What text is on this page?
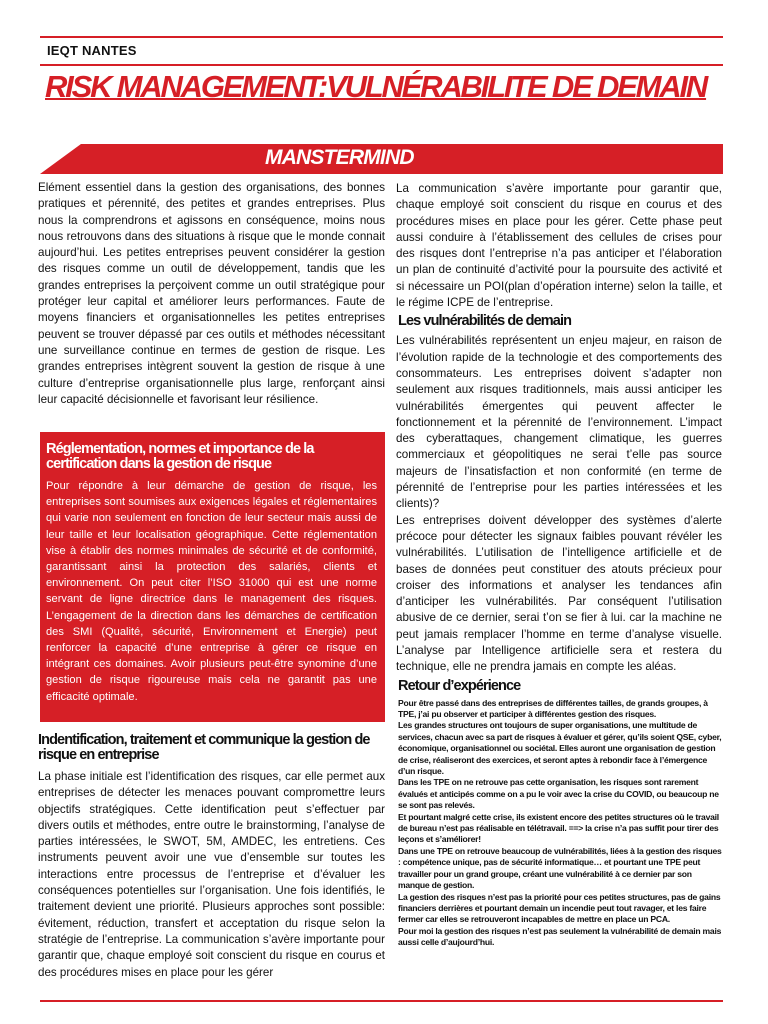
IEQT NANTES
RISK MANAGEMENT:VULNÉRABILITE DE DEMAIN
MANSTERMIND

Elément essentiel dans la gestion des organisations, des bonnes pratiques et pérennité, des petites et grandes entreprises. Plus nous la comprendrons et agissons en conséquence, moins nous nous retrouvons dans des situations à risque que le monde connait aujourd’hui. Les petites entreprises peuvent considérer la gestion des risques comme un outil de développement, tandis que les grandes entreprises la perçoivent comme un outil stratégique pour protéger leur capital et améliorer leurs performances. Faute de moyens financiers et organisationnelles les petites entreprises peuvent se trouver dépassé par ces outils et méthodes nécessitant une surveillance continue en termes de gestion de risque. Les grandes entreprises intègrent souvent la gestion de risque à une culture d’entreprise organisationnelle plus large, renforçant ainsi leur capacité décisionnelle et favorisant leur résilience.

Réglementation, normes et importance de la certification dans la gestion de risque

Pour répondre à leur démarche de gestion de risque, les entreprises sont soumises aux exigences légales et réglementaires qui varie non seulement en fonction de leur secteur mais aussi de leur taille et leur localisation géographique. Cette réglementation vise à établir des normes minimales de sécurité et de conformité, garantissant ainsi la protection des salariés, clients et environnement. On peut citer l’ISO 31000 qui est une norme servant de ligne directrice dans le management des risques. L’engagement de la direction dans les démarches de certification des SMI (Qualité, sécurité, Environnement et Energie) peut renforcer la capacité d’une entreprise à gérer ce risque en intégrant ces domaines. Avoir plusieurs peut-être synomine d’une gestion de risque rigoureuse mais cela ne garantit pas une efficacité optimale.

Indentification, traitement et communique la gestion de risque en entreprise

La phase initiale est l’identification des risques, car elle permet aux entreprises de détecter les menaces pouvant compromettre leurs objectifs stratégiques. Cette identification peut s’effectuer par divers outils et méthodes, entre outre le brainstorming, l’analyse de parties intéressées, le SWOT, 5M, AMDEC, les entretiens. Ces instruments peuvent avoir une vue d’ensemble sur toutes les interactions entre processus de l’entreprise et d’évaluer les conséquences potentielles sur l’organisation. Une fois identifiés, le traitement devient une priorité. Plusieurs approches sont possible: évitement, réduction, transfert et acceptation du risque selon la stratégie de l’entreprise. La communication s’avère importante pour garantir que, chaque employé soit conscient du risque en courus et des procédures mises en place pour les gérer

La communication s’avère importante pour garantir que, chaque employé soit conscient du risque en courus et des procédures mises en place pour les gérer. Cette phase peut aussi conduire à l’établissement des cellules de crises pour des risques dont l’entreprise n’a pas anticiper et l’élaboration un plan de continuité d’activité pour la poursuite des activité et si nécessaire un POI(plan d’opération interne) selon la taille, et le régime ICPE de l’entreprise.

Les vulnérabilités de demain

Les vulnérabilités représentent un enjeu majeur, en raison de l’évolution rapide de la technologie et des comportements des consommateurs. Les entreprises doivent s’adapter non seulement aux risques traditionnels, mais aussi anticiper les vulnérabilités émergentes qui peuvent affecter le fonctionnement et la pérennité de l’environnement. L’impact des cyberattaques, changement climatique, les guerres commerciaux et géopolitiques ne serai t’elle pas source majeurs de l’insatisfaction et non conformité (en terme de pérennité de l’entreprise pour les parties intéressées et les clients)?

Les entreprises doivent développer des systèmes d’alerte précoce pour détecter les signaux faibles pouvant révéler les vulnérabilités. L’utilisation de l’intelligence artificielle et de bases de données peut constituer des atouts précieux pour croiser des informations et analyser les tendances afin d’anticiper les vulnérabilités. Par conséquent l’utilisation abusive de ce dernier, serai t’on se fier à lui. car la machine ne peut jamais remplacer l’homme en terme d’analyse visuelle. L’analyse par Intelligence artificielle sera et restera du technique, elle ne prendra jamais en compte les aléas.

Retour d’expérience

Pour être passé dans des entreprises de différentes tailles, de grands groupes, à TPE, j’ai pu observer et participer à différentes gestion des risques.

Les grandes structures ont toujours de super organisations, une multitude de services, chacun avec sa part de risques à évaluer et gérer, qu’ils soient QSE, cyber, économique, organisationnel ou sociétal. Elles auront une organisation de gestion de crise, réaliseront des exercices, et seront aptes à rebondir face à l’émergence d’un risque.

Dans les TPE on ne retrouve pas cette organisation, les risques sont rarement évalués et anticipés comme on a pu le voir avec la crise du COVID, ou beaucoup ne se sont pas relevés.

Et pourtant malgré cette crise, ils existent encore des petites structures où le travail de bureau n’est pas réalisable en télétravail. ==> la crise n’a pas suffit pour tirer des leçons et s’améliorer!

Dans une TPE on retrouve beaucoup de vulnérabilités, liées à la gestion des risques : compétence unique, pas de sécurité informatique… et pourtant une TPE peut travailler pour un grand groupe, créant une vulnérabilité à ce dernier par son manque de gestion.

La gestion des risques n’est pas la priorité pour ces petites structures, pas de gains financiers derrières et pourtant demain un incendie peut tout ravager, et les faire fermer car elles se retrouveront incapables de mettre en place un PCA.

Pour moi la gestion des risques n’est pas seulement la vulnérabilité de demain mais aussi celle d’aujourd’hui.
